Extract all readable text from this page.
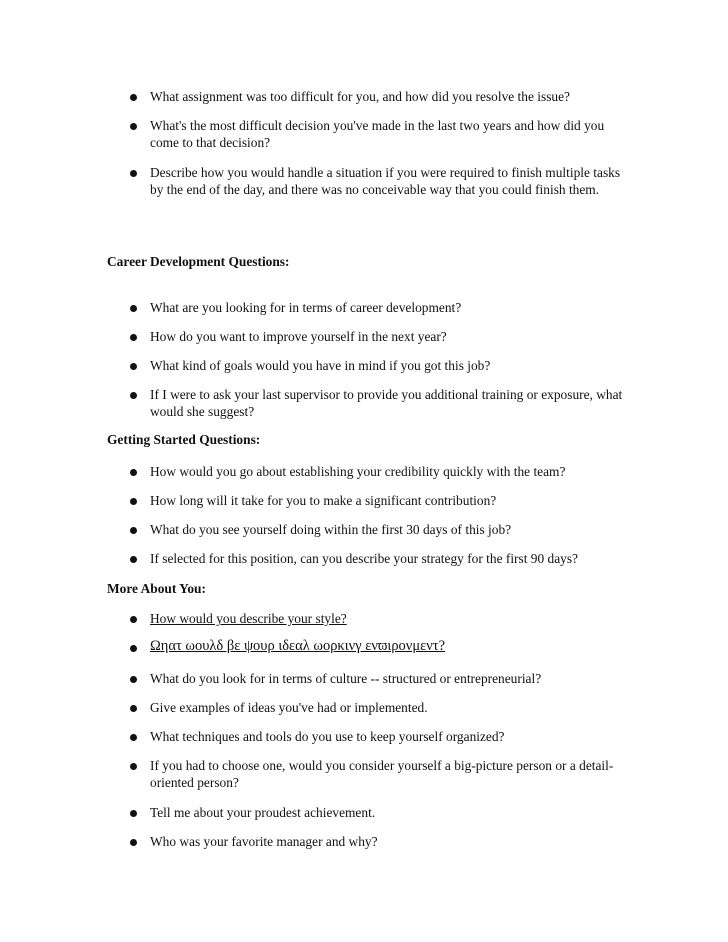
What assignment was too difficult for you, and how did you resolve the issue?
What's the most difficult decision you've made in the last two years and how did you come to that decision?
Describe how you would handle a situation if you were required to finish multiple tasks by the end of the day, and there was no conceivable way that you could finish them.
Career Development Questions:
What are you looking for in terms of career development?
How do you want to improve yourself in the next year?
What kind of goals would you have in mind if you got this job?
If I were to ask your last supervisor to provide you additional training or exposure, what would she suggest?
Getting Started Questions:
How would you go about establishing your credibility quickly with the team?
How long will it take for you to make a significant contribution?
What do you see yourself doing within the first 30 days of this job?
If selected for this position, can you describe your strategy for the first 90 days?
More About You:
How would you describe your style?
Ωηατ ωουλδ βε ψουρ ιδεαλ ωορκινγ ενϖιρονμεντ?
What do you look for in terms of culture -- structured or entrepreneurial?
Give examples of ideas you've had or implemented.
What techniques and tools do you use to keep yourself organized?
If you had to choose one, would you consider yourself a big-picture person or a detail-oriented person?
Tell me about your proudest achievement.
Who was your favorite manager and why?
